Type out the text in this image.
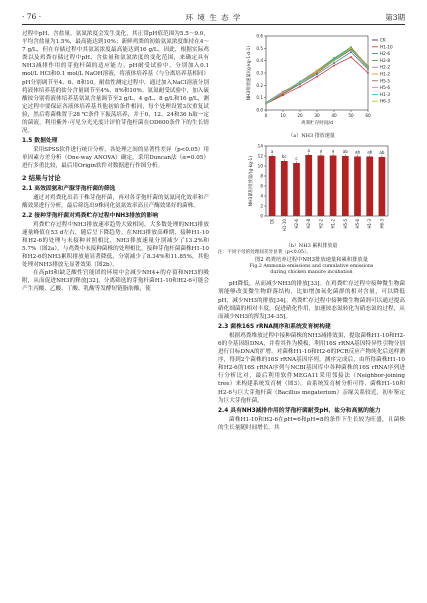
· 76 ·	环 境 生 态 学	第3期

过程中pH、含盐量、氨氮浓度会发生变化，其正常pH值范围为5.5～9.0，平均含盐量为1.5%，最高能达到10%；新鲜鸡粪的初始氨氮浓度维持在4～7 g/L，但在存储过程中其氨氮浓度最高能达到16 g/L。因此，根据实际鸡粪以及鸡粪存储过程中pH、含盐量和氨氮浓度的变化范围，来确定具有NH3减排作用的芽孢杆菌的适应能力。pH耐受试验中，分别加入0.1 mol/L HCl和0.1 mol/L NaOH溶液，将液体培养基（与分离培养基相同）pH分别调节至4、6、8和10。耐盐性测定过程中，通过加入NaCl溶液分别将液体培养基的盐分含量调节至4%、8%和10%。氨氮耐受试验中，加入硫酸铵分别将液体培养基氨氮含量调节至2 g/L、4 g/L、8 g/L和16 g/L，测定过程中要保证各液体培养基其他初始条件相同，每个处理设置3次重复试验，然后将菌株置于28 ℃条件下振荡培养，并于0、12、24和36 h取一定的菌液，利用紫外-可见分光光度计评价芽孢杆菌在OD600条件下的生长情况。

1.5 数据处理

采用SPSS软件进行统计分析，各处理之间的显著性差异（p<0.05）用单因素方差分析（One-way ANOVA）确定，采用Duncan法（α=0.05）进行多重比较，最后用Origin软件对数据进行作图分析。

2 结果与讨论
2.1 高效固氨和产脲芽孢杆菌的筛选

通过对鸡粪化出若干株芽孢杆菌，再对各芽孢杆菌的氨氮同化效率和产酶效果进行分析，最后筛选出9株同化氨氮效率高且产酶效果好的菌株。

2.2 接种芽孢杆菌对鸡粪贮存过程中NH3排放的影响

鸡粪贮存过程中NH3排放速率趋势大致相同，大多数处理的NH3排放速量峰值在53 d左右，随后呈下降趋势。在NH3排放高峰期，接种H1-10和H2-6的处理与未接种对照相比，NH3排放速量分别减少了13.2%和5.7%（图2a）。与鸡粪中未接种菌株的处理相比，接种芽孢杆菌菌株H1-10和H2-6的NH3累积排放量显著降低，分别减少了8.34%和11.85%，其他处理对NH3排放无显著效果（图2b）。

在高pH和缺乏酸性官能团的环境中会减少NH4+的存留和NH3的吸附，从而促进NH3的释放[32]。分离筛选的芽孢杆菌H1-10和H2-6可能会产生丙酸、乙酸、丁酸、乳酸等发酵短链脂肪酸，使

0.0
0.1
0.2
0.3
0.4
0.5
0.6
0	10	20	30	40	50	60
鸡粪贮存时间/d
NH3排放速量/(g·kg-1·d-1)
CK
H1-10
H2-6
H2-8
H2-2
H1-2
H5-5
H5-6
H1-3
H6-3
（a）NH3 排放速量
0
2
4
6
8
10
12
14
NH3累积排放量/(g·kg-1)
a
CK
bc
H1-10
c
H2-6
a
H2-8
a
H2-2
a
H1-2
ab
H5-5
ab
H5-6
ab
H1-3
ab
H6-3
（b）NH3 累积排放量
注：不同字母的处理间差异显著（p<0.05）。
图2 鸡粪培养过程中NH3排放速量和累积排放量
Fig.2 Ammonia emissions and cumulative emissions
during chicken manure incubation

pH降低，从而减少NH3的排放[33]。在鸡粪贮存过程中接种微生物菌剂能够改变微生物群落结构，比如增加氧化菌群的相对含量，可以降低pH，减少NH3的排放[34]。鸡粪贮存过程中接种微生物菌剂可以通过提高硝化细菌的相对丰度，促进硝化作用，加速铵态氮转化为硝态氮的过程，从而减少NH3的挥发[34-35]。

2.3 菌株16S rRNA测序和系统发育树构建

根据鸡粪堆放过程中接种菌株的NH3减排效果，提取菌株H1-10和H2-6的全基因组DNA，并将其作为模板，利用16S rRNA基因特异性引物分别进行目标DNA的扩增。对菌株H1-10和H2-6的PCR反应产物纯化后送样测序，得到2个菌株的16S rRNA基因序列。测序完成后，由所得菌株H1-10和H2-6的16S rRNA序列与NCBI基因库中各种菌株的16S rRNA序列进行分析比对，最后利用软件MEGA11采用邻接法（Neighbor-joining tree）来构建系统发育树（图3）。由系统发育树分析可得，菌株H1-10和H2-6与巨大芽孢杆菌（Bacillus megaterium）亲缘关系较近，初步鉴定为巨大芽孢杆菌。

2.4 具有NH3减排作用的芽孢杆菌耐受pH、盐分和高氨的能力

菌株H1-10和H2-6在pH=6和pH=8的条件下生长较为旺盛，且菌株的生长量随时间增长。其
